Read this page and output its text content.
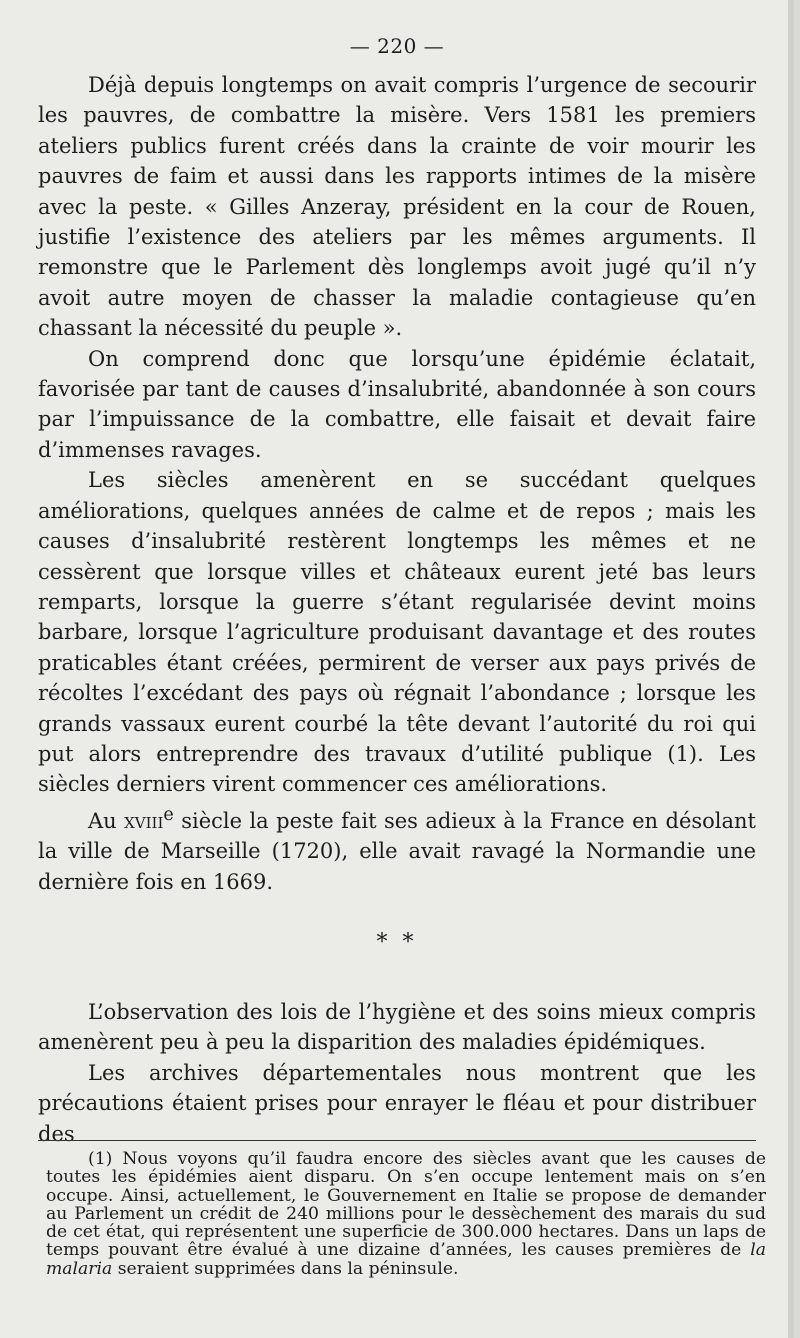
— 220 —

Déjà depuis longtemps on avait compris l’urgence de secourir les pauvres, de combattre la misère. Vers 1581 les premiers ateliers publics furent créés dans la crainte de voir mourir les pauvres de faim et aussi dans les rapports intimes de la misère avec la peste. « Gilles Anzeray, président en la cour de Rouen, justifie l’existence des ateliers par les mêmes arguments. Il remonstre que le Parlement dès longlemps avoit jugé qu’il n’y avoit autre moyen de chasser la maladie contagieuse qu’en chassant la nécessité du peuple ».

On comprend donc que lorsqu’une épidémie éclatait, favorisée par tant de causes d’insalubrité, abandonnée à son cours par l’impuissance de la combattre, elle faisait et devait faire d’immenses ravages.

Les siècles amenèrent en se succédant quelques améliorations, quelques années de calme et de repos ; mais les causes d’insalubrité restèrent longtemps les mêmes et ne cessèrent que lorsque villes et châteaux eurent jeté bas leurs remparts, lorsque la guerre s’étant regularisée devint moins barbare, lorsque l’agriculture produisant davantage et des routes praticables étant créées, permirent de verser aux pays privés de récoltes l’excédant des pays où régnait l’abondance ; lorsque les grands vassaux eurent courbé la tête devant l’autorité du roi qui put alors entreprendre des travaux d’utilité publique (1). Les siècles derniers virent commencer ces améliorations.

Au xviii$^e$ siècle la peste fait ses adieux à la France en désolant la ville de Marseille (1720), elle avait ravagé la Normandie une dernière fois en 1669.

* *

L’observation des lois de l’hygiène et des soins mieux compris amenèrent peu à peu la disparition des maladies épidémiques.

Les archives départementales nous montrent que les précautions étaient prises pour enrayer le fléau et pour distribuer des

(1) Nous voyons qu’il faudra encore des siècles avant que les causes de toutes les épidémies aient disparu. On s’en occupe lentement mais on s’en occupe. Ainsi, actuellement, le Gouvernement en Italie se propose de demander au Parlement un crédit de 240 millions pour le dessèchement des marais du sud de cet état, qui représentent une superficie de 300.000 hectares. Dans un laps de temps pouvant être évalué à une dizaine d’années, les causes premières de la malaria seraient supprimées dans la péninsule.
